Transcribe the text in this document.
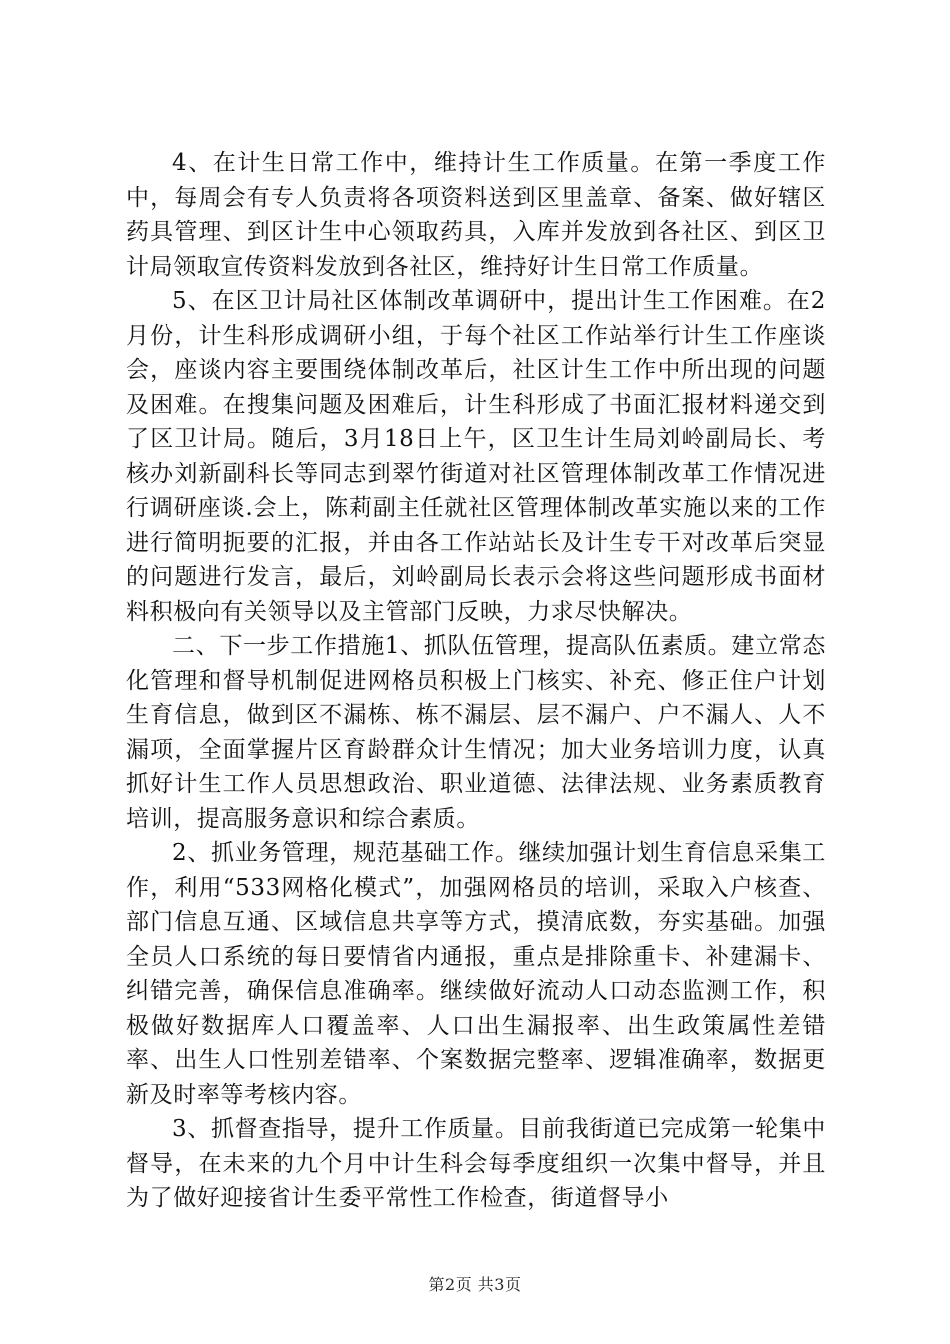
4、在计生日常工作中，维持计生工作质量。在第一季度工作中，每周会有专人负责将各项资料送到区里盖章、备案、做好辖区药具管理、到区计生中心领取药具，入库并发放到各社区、到区卫计局领取宣传资料发放到各社区，维持好计生日常工作质量。

5、在区卫计局社区体制改革调研中，提出计生工作困难。在2月份，计生科形成调研小组，于每个社区工作站举行计生工作座谈会，座谈内容主要围绕体制改革后，社区计生工作中所出现的问题及困难。在搜集问题及困难后，计生科形成了书面汇报材料递交到了区卫计局。随后，3月18日上午，区卫生计生局刘岭副局长、考核办刘新副科长等同志到翠竹街道对社区管理体制改革工作情况进行调研座谈.会上，陈莉副主任就社区管理体制改革实施以来的工作进行简明扼要的汇报，并由各工作站站长及计生专干对改革后突显的问题进行发言，最后，刘岭副局长表示会将这些问题形成书面材料积极向有关领导以及主管部门反映，力求尽快解决。

二、下一步工作措施1、抓队伍管理，提高队伍素质。建立常态化管理和督导机制促进网格员积极上门核实、补充、修正住户计划生育信息，做到区不漏栋、栋不漏层、层不漏户、户不漏人、人不漏项，全面掌握片区育龄群众计生情况；加大业务培训力度，认真抓好计生工作人员思想政治、职业道德、法律法规、业务素质教育培训，提高服务意识和综合素质。

2、抓业务管理，规范基础工作。继续加强计划生育信息采集工作，利用“533网格化模式”，加强网格员的培训，采取入户核查、部门信息互通、区域信息共享等方式，摸清底数，夯实基础。加强全员人口系统的每日要情省内通报，重点是排除重卡、补建漏卡、纠错完善，确保信息准确率。继续做好流动人口动态监测工作，积极做好数据库人口覆盖率、人口出生漏报率、出生政策属性差错率、出生人口性别差错率、个案数据完整率、逻辑准确率，数据更新及时率等考核内容。

3、抓督查指导，提升工作质量。目前我街道已完成第一轮集中督导，在未来的九个月中计生科会每季度组织一次集中督导，并且为了做好迎接省计生委平常性工作检查，街道督导小

第2页 共3页
